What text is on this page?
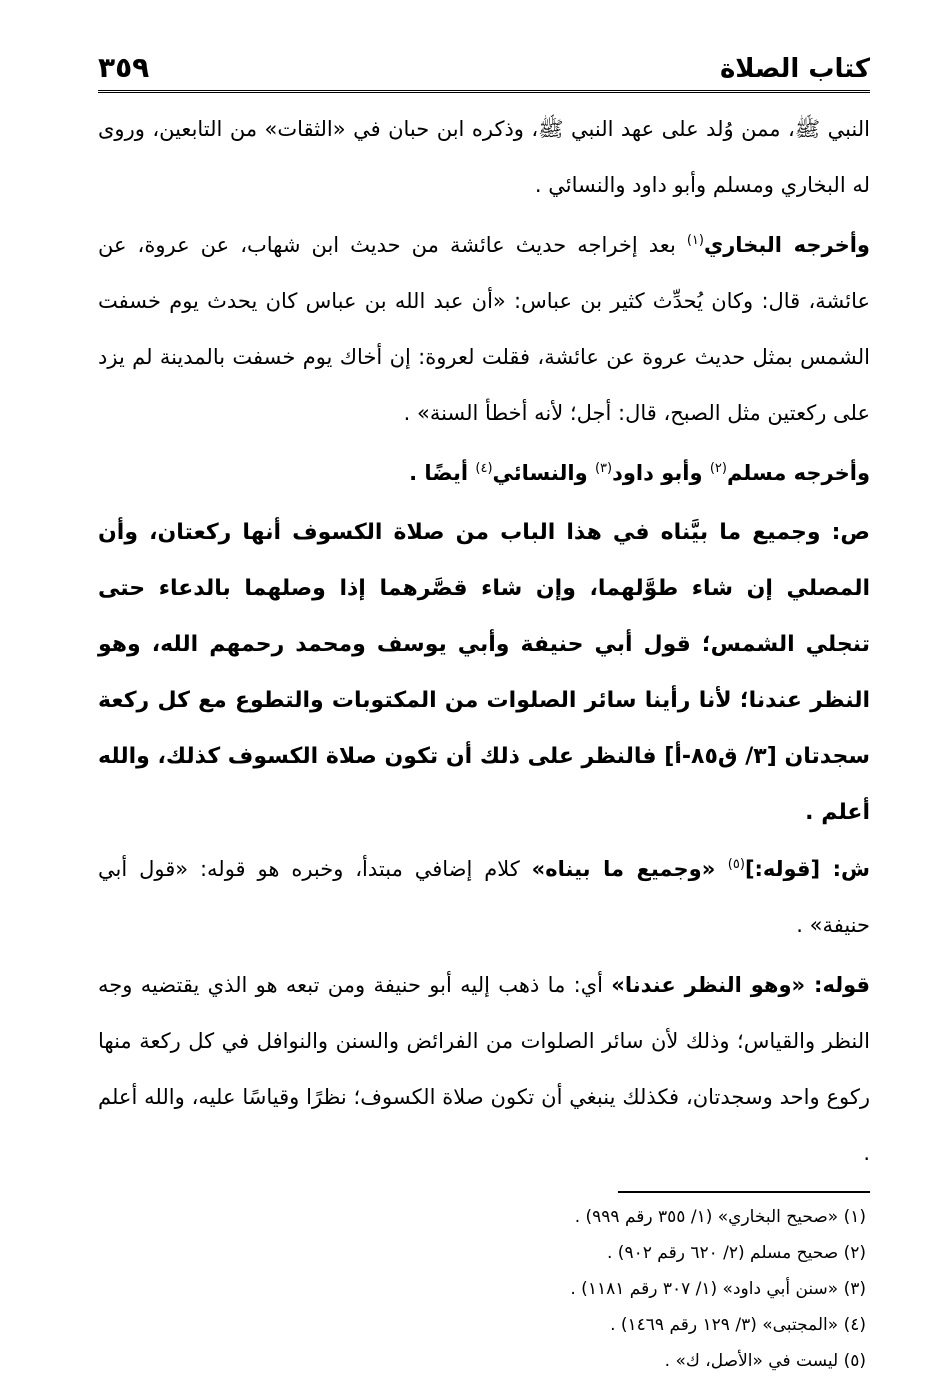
كتاب الصلاة
٣٥٩

النبي ﷺ، ممن وُلد على عهد النبي ﷺ، وذكره ابن حبان في «الثقات» من التابعين، وروى له البخاري ومسلم وأبو داود والنسائي .

وأخرجه البخاري$^{(١)}$ بعد إخراجه حديث عائشة من حديث ابن شهاب، عن عروة، عن عائشة، قال: وكان يُحدِّث كثير بن عباس: «أن عبد الله بن عباس كان يحدث يوم خسفت الشمس بمثل حديث عروة عن عائشة، فقلت لعروة: إن أخاك يوم خسفت بالمدينة لم يزد على ركعتين مثل الصبح، قال: أجل؛ لأنه أخطأ السنة» .

وأخرجه مسلم$^{(٢)}$ وأبو داود$^{(٣)}$ والنسائي$^{(٤)}$ أيضًا .

ص: وجميع ما بيَّناه في هذا الباب من صلاة الكسوف أنها ركعتان، وأن المصلي إن شاء طوَّلهما، وإن شاء قصَّرهما إذا وصلهما بالدعاء حتى تنجلي الشمس؛ قول أبي حنيفة وأبي يوسف ومحمد رحمهم الله، وهو النظر عندنا؛ لأنا رأينا سائر الصلوات من المكتوبات والتطوع مع كل ركعة سجدتان [٣/ ق٨٥-أ] فالنظر على ذلك أن تكون صلاة الكسوف كذلك، والله أعلم .

ش: [قوله:]$^{(٥)}$ «وجميع ما بيناه» كلام إضافي مبتدأ، وخبره هو قوله: «قول أبي حنيفة» .

قوله: «وهو النظر عندنا» أي: ما ذهب إليه أبو حنيفة ومن تبعه هو الذي يقتضيه وجه النظر والقياس؛ وذلك لأن سائر الصلوات من الفرائض والسنن والنوافل في كل ركعة منها ركوع واحد وسجدتان، فكذلك ينبغي أن تكون صلاة الكسوف؛ نظرًا وقياسًا عليه، والله أعلم .

(١) «صحيح البخاري» (١/ ٣٥٥ رقم ٩٩٩) .

(٢) صحيح مسلم (٢/ ٦٢٠ رقم ٩٠٢) .

(٣) «سنن أبي داود» (١/ ٣٠٧ رقم ١١٨١) .

(٤) «المجتبى» (٣/ ١٢٩ رقم ١٤٦٩) .

(٥) ليست في «الأصل، ك» .
